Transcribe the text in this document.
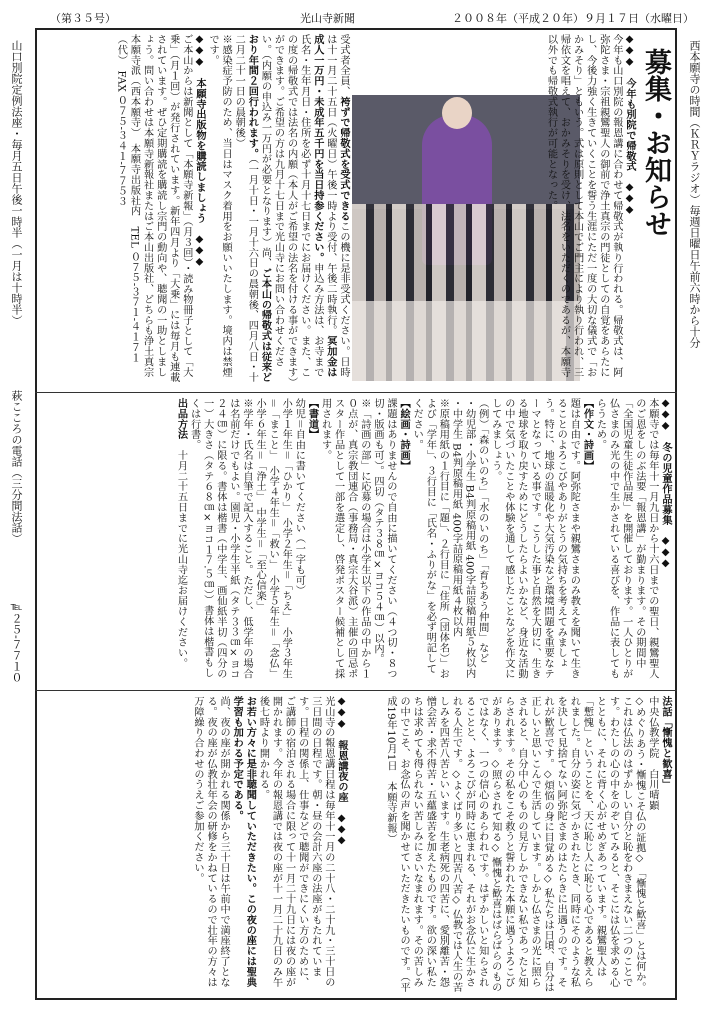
（第３５号）	光山寺新聞	２００８年（平成２０年）９月１７日（水曜日）
募集・お知らせ

◆◆◆　今年も別院で帰敬式　◆◆◆

今年も山口別院の報恩講に合わせて帰敬式が執り行われる。帰敬式は、阿弥陀さま・宗祖親鸞聖人の御前で浄土真宗の門徒としての自覚をあらたにし、今後力強く生きていくことを誓う生涯にただ一度の大切な儀式で「おかみそり」ともいう。式は原則として本山でご門主により執り行われ、三帰依文を唱えて、おかみそりを受け、法名をいただくのであるが、本願寺以外でも帰敬式執行が可能となった。

受式者全員、袴ずで帰敬式を受式できるこの機に是非受式ください。日時は十一月二十五日（火曜日）午後一時より受付、午後二時執行。冥加金は成人一万円・未成年五千円を当日持参ください。申込み方法は、お寺まで氏名・生年月日・住所を必ず十月十七日までにお届けください。また、この度の帰敬式では法名の内願（本人がご希望の法名を付ける事ができます）ができます。ご希望の方は九月十七日まで光山寺にお問い合わせください。（内願の申込み一万円が必要となります）尚、ご本山の帰敬式は従来どおり年間２回行われます。（一月十日・一月十六日の晨朝後、四月八日・十二月二十一日の晨朝後）

※感染症予防のため、当日はマスク着用をお願いいたします。境内は禁煙です。

◆◆◆　本願寺出版物を購読しましょう　◆◆◆

ご本山からは新聞として「本願寺新報」（月３回）・読み物冊子として「大乗」（月１回）が発行されています。新年四月より「大乗」には毎月も連載されています。ぜひ定期購読を購読し宗門の動向や、聴聞の一助としましょう。問い合わせは本願寺新報社またはご本山出版社、どちらも浄土真宗本願寺派（西本願寺）　本願寺出版社内　TEL ０７５‐３７１‐４１７１（代）　FAX ０７５‐３４１‐７７５３

◆◆◆　冬の児童作品募集　◆◆◆

本願寺では毎年十一月九日から十六日までの聖日、親鸞聖人のご恩をしのぶ法要「報恩講」が勤まります。その期間中「全国児童生徒作品展」を開催しております。一人ひとりが仏さまのみ光の中で生かされている喜びを、作品に表してもらうため。

【作文・詩画】

題は自由です。阿弥陀さまや親鸞さまのみ教えを聞いて生きることのよろこびやありがとうの気持ちを考えてみましょう。特に、地球の温暖化や大気汚染など環境問題を重要なテーマとなっている事です。こうした事と自然を大切に、生きる地球を取り戻すためにどうしたらよいかなど、身近な活動の中で気づいたことや体験を通して感じたことなどを作文にしてみましょう。

（例）「森のいのち」「水のいのち」「育ちあう仲間」など

・幼児部・小学生 B4判原稿用紙 400字詰原稿用紙５枚以内

・中学生 B4判原稿用紙 400字詰原稿用紙４枚以内

※原稿用紙の１行目に「題」、２行目に「住所（団体名）」および「学年」、３行目に「氏名・ふりがな」を必ず明記してください。

【絵画・詩画】

課題はありませんので自由に描いてください（４つ切・８つ切・版画も可）。四切（タテ３８㎝×ヨコ５４㎝）以内。

※「詩画の部」に応募の場合は小学生以下の作品の中から１０点が、真宗教団連合（事務局・真宗大谷派）主催の回忌ポスター作品として一部を選定し、啓発ポスター候補として採用されます。

【書道】

幼児＝自由に書いてください（一字も可）

小学１年生＝「ひかり」　小学２年生＝「ちえ」　小学３年生＝「まこと」　小学４年生＝「救い」　小学５年生＝「念仏」　小学６年生＝「浄土」　中学生＝「至心信楽」

※学年・氏名は自筆で記入すること。ただし、低学年の場合は名前だけでもよい。園児・小学生半紙（タテ３３㎝×ヨコ２４㎝）に限る。書体は楷書（中学生、画仙紙半切（四分の一）大きさ（タテ６８㎝×ヨコ１７.５㎝））書体は楷書もしくは行書。

出品方法　十月二十五日までに光山寺迄お届けください。

法話「慚愧と歓喜」

中央仏教学院　白川晴顕

◇めぐりあう・慚愧こそ仏の証拠◇ 「慚愧と歓喜」とは何か。これは仏法のはずかしい自分と恥をわきまえない二つのことです。わたしの心の中をのぞいてみると、そこには仏を求める心とともに、それに背く心がせめぎあっています。親鸞聖人は「慙愧」ということを、天に恥じ人に恥じる心であると教えられました。自分の姿に気づかされたとき、同時にそのような私を決して見捨てない阿弥陀さまのはたらきに出遇うのです。それが歓喜です。◇煩悩の身に目覚める◇ 私たちは日頃、自分は正しいと思いこんで生活しています。しかし仏さまの光に照らされると、自分中心のものの見方しかできない私であったと知らされます。その私をこそ救うと誓われた本願に遇うよろこびがあります。◇照らされて知る◇ 慚愧と歓喜はばらばらのものではなく、一つの信心のあらわれです。はずかしいと知らされることと、よろこびが同時に恵まれる、それがお念仏に生かされる人生です。◇よくばり多いと四苦八苦◇ 仏教では人生の苦しみを四苦八苦といいます。生老病死の四苦に、愛別離苦・怨憎会苦・求不得苦・五蘊盛苦を加えたものです。欲の深い私たちは求めても得られない苦しみにさいなまれます。その苦しみの中でこそ、お念仏の声を聞かせていただきたいものです。（平成19年10月1日　本願寺新報）

◆◆◆　報恩講夜の座　◆◆◆

光山寺の報恩講日程は毎年十一月の二十八・二十九・三十日の三日間の日程です。朝・昼の会計六座の法座がもたれています。日程の関係上、仕事などで聴聞ができにくい方のために、ご講師の宿泊される場合に限って十一月二十九日には夜の座が開かれます。今年の報恩講では夜の座が十一月二十九日のみ午後七時より開かれる。

お若い方々に是非聴聞していただきたい。この夜の座には聖典学習も加わる予定である。

尚、夜の座が開かれる関係から三十日は午前中で満座終了となる。夜の座が仏教壮年会の研修をかねているので壮年の方々は万障繰り合わせのうえご参加ください。

西本願寺の時間（ＫＲＹラジオ）毎週日曜日午前六時から十分
山口別院定例法座・毎月五日午後一時半（一月は十時半）
萩こころの電話（三分間法話）
℡２５‐７７１０
